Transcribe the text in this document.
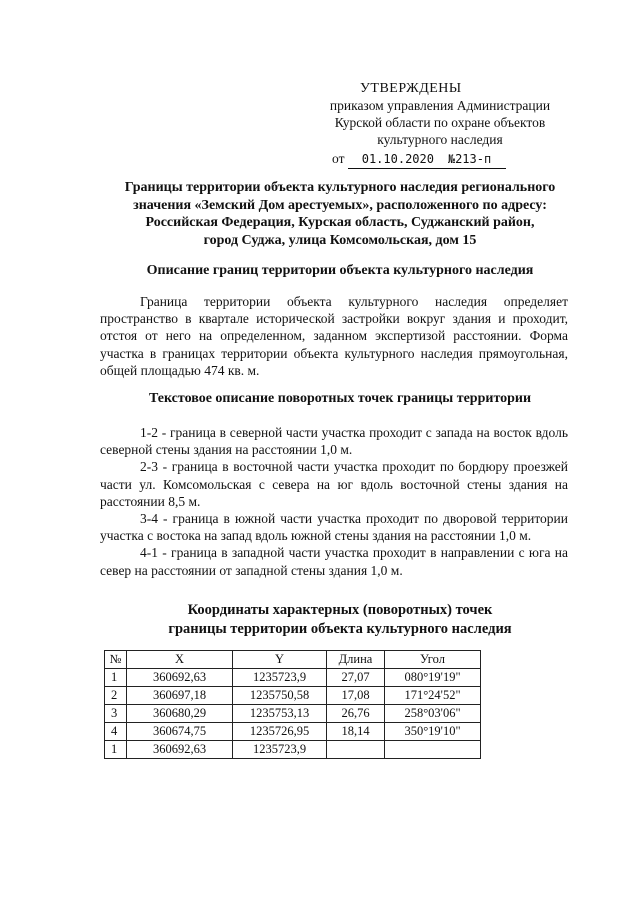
УТВЕРЖДЕНЫ
приказом управления Администрации
Курской области по охране объектов
культурного наследия
от 01.10.2020 №213-п
Границы территории объекта культурного наследия регионального
значения «Земский Дом арестуемых», расположенного по адресу:
Российская Федерация, Курская область, Суджанский район,
город Суджа, улица Комсомольская, дом 15
Описание границ территории объекта культурного наследия

Граница территории объекта культурного наследия определяет пространство в квартале исторической застройки вокруг здания и проходит, отстоя от него на определенном, заданном экспертизой расстоянии. Форма участка в границах территории объекта культурного наследия прямоугольная, общей площадью 474 кв. м.

Текстовое описание поворотных точек границы территории

1-2 - граница в северной части участка проходит с запада на восток вдоль северной стены здания на расстоянии 1,0 м.

2-3 - граница в восточной части участка проходит по бордюру проезжей части ул. Комсомольская с севера на юг вдоль восточной стены здания на расстоянии 8,5 м.

3-4 - граница в южной части участка проходит по дворовой территории участка с востока на запад вдоль южной стены здания на расстоянии 1,0 м.

4-1 - граница в западной части участка проходит в направлении с юга на север на расстоянии от западной стены здания 1,0 м.

Координаты характерных (поворотных) точек
границы территории объекта культурного наследия
№	X	Y	Длина	Угол
1	360692,63	1235723,9	27,07	080°19'19"
2	360697,18	1235750,58	17,08	171°24'52"
3	360680,29	1235753,13	26,76	258°03'06"
4	360674,75	1235726,95	18,14	350°19'10"
1	360692,63	1235723,9		
